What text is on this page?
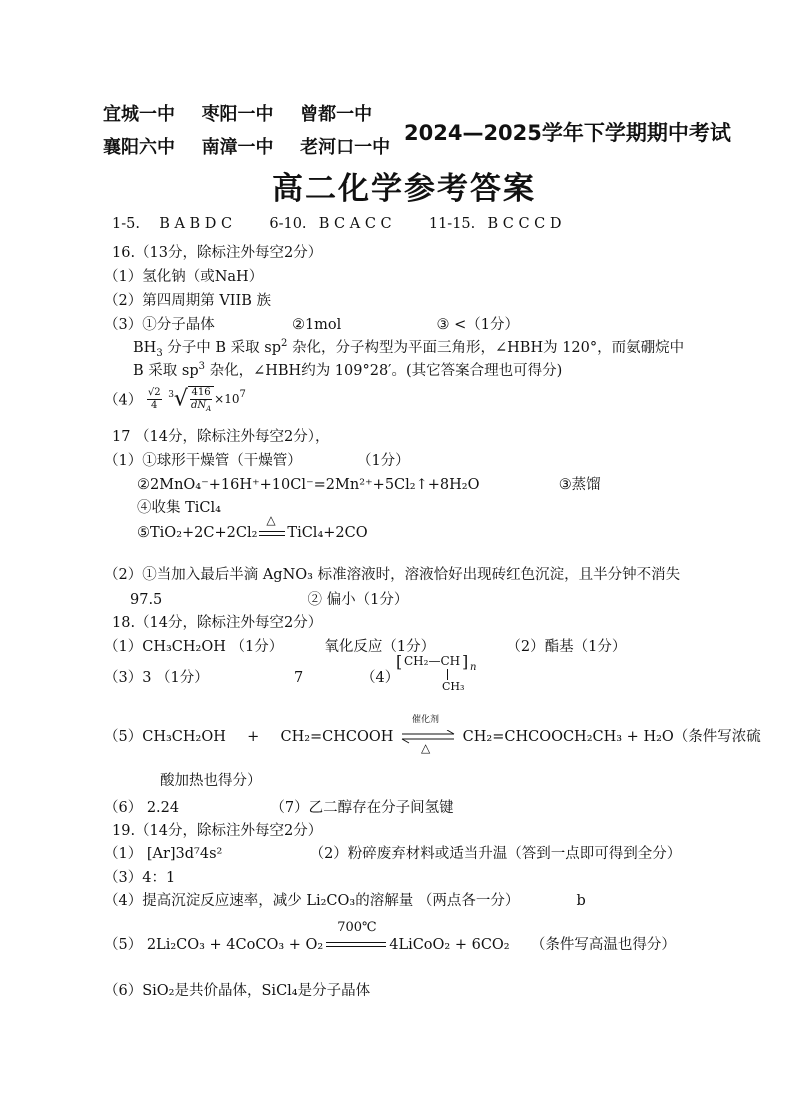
宜城一中 枣阳一中 曾都一中
襄阳六中 南漳一中 老河口一中
2024—2025学年下学期期中考试
高二化学参考答案
1-5. B A B D C	6-10. B C A C C	11-15. B C C C D
16.（13分，除标注外每空2分）
（1）氢化钠（或NaH）
（2）第四周期第 VIIB 族
（3）①分子晶体	②1mol	③ <（1分）
$BH_3$ 分子中 B 采取 $sp^2$ 杂化，分子构型为平面三角形，∠HBH为 120°，而氨硼烷中
B 采取 $sp^3$ 杂化，∠HBH约为 109°28′。(其它答案合理也可得分)
$(4) \frac{√2}{4} ^3√ \frac{416}{dN_A} \times 10^7$
17 （14分，除标注外每空2分），
（1）①球形干燥管（干燥管）	（1分）
②2MnO₄⁻+16H⁺+10Cl⁻=2Mn²⁺+5Cl₂↑+8H₂O	③蒸馏
④收集 TiCl₄
⑤TiO₂+2C+2Cl₂
△
TiCl₄+2CO
（2）①当加入最后半滴 AgNO₃ 标准溶液时，溶液恰好出现砖红色沉淀，且半分钟不消失
97.5	② 偏小（1分）
18.（14分，除标注外每空2分）
（1）CH₃CH₂OH （1分）	氧化反应（1分）	（2）酯基（1分）
（3）3 （1分）	7	（4）
[ CH₂—CH ] n
CH₃
（5）CH₃CH₂OH + CH₂=CHCOOH
催化剂
△
CH₂=CHCOOCH₂CH₃ + H₂O（条件写浓硫
酸加热也得分）
（6） 2.24	（7）乙二醇存在分子间氢键
19.（14分，除标注外每空2分）
（1） [Ar]3d⁷4s²	（2）粉碎废弃材料或适当升温（答到一点即可得到全分）
（3）4：1
（4）提高沉淀反应速率，减少 Li₂CO₃的溶解量 （两点各一分）	b
（5） 2Li₂CO₃ + 4CoCO₃ + O₂
700℃
4LiCoO₂ + 6CO₂ （条件写高温也得分）
（6）SiO₂是共价晶体，SiCl₄是分子晶体
